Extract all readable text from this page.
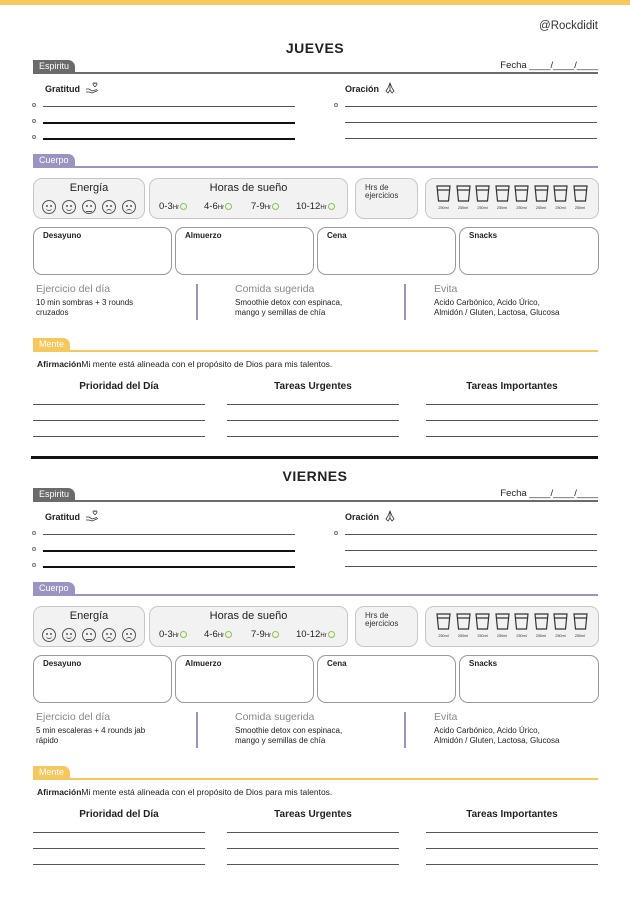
@Rockdidit
JUEVES
Espiritu	Fecha ____/____/____
Gratitud	Oración
Cuerpo
Energía	Horas de sueño
0-3Hr	4-6Hr	7-9Hr	10-12Hr
Hrs de
ejercicios
250ml	250ml	250ml	250ml	250ml	250ml	250ml	250ml
Desayuno	Almuerzo	Cena	Snacks
Ejercicio del día
10 min sombras + 3 rounds
cruzados
Comida sugerida
Smoothie detox con espinaca,
mango y semillas de chía
Evita
Acido Carbónico, Acido Úrico,
Almidón / Gluten, Lactosa, Glucosa
Mente
AfirmaciónMi mente está alineada con el propósito de Dios para mis talentos.
Prioridad del Día	Tareas Urgentes	Tareas Importantes
VIERNES
Espiritu	Fecha ____/____/____
Gratitud	Oración
Cuerpo
Energía	Horas de sueño
0-3Hr	4-6Hr	7-9Hr	10-12Hr
Hrs de
ejercicios
250ml	250ml	250ml	250ml	250ml	250ml	250ml	250ml
Desayuno	Almuerzo	Cena	Snacks
Ejercicio del día
5 min escaleras + 4 rounds jab
rápido
Comida sugerida
Smoothie detox con espinaca,
mango y semillas de chía
Evita
Acido Carbónico, Acido Úrico,
Almidón / Gluten, Lactosa, Glucosa
Mente
AfirmaciónMi mente está alineada con el propósito de Dios para mis talentos.
Prioridad del Día	Tareas Urgentes	Tareas Importantes
